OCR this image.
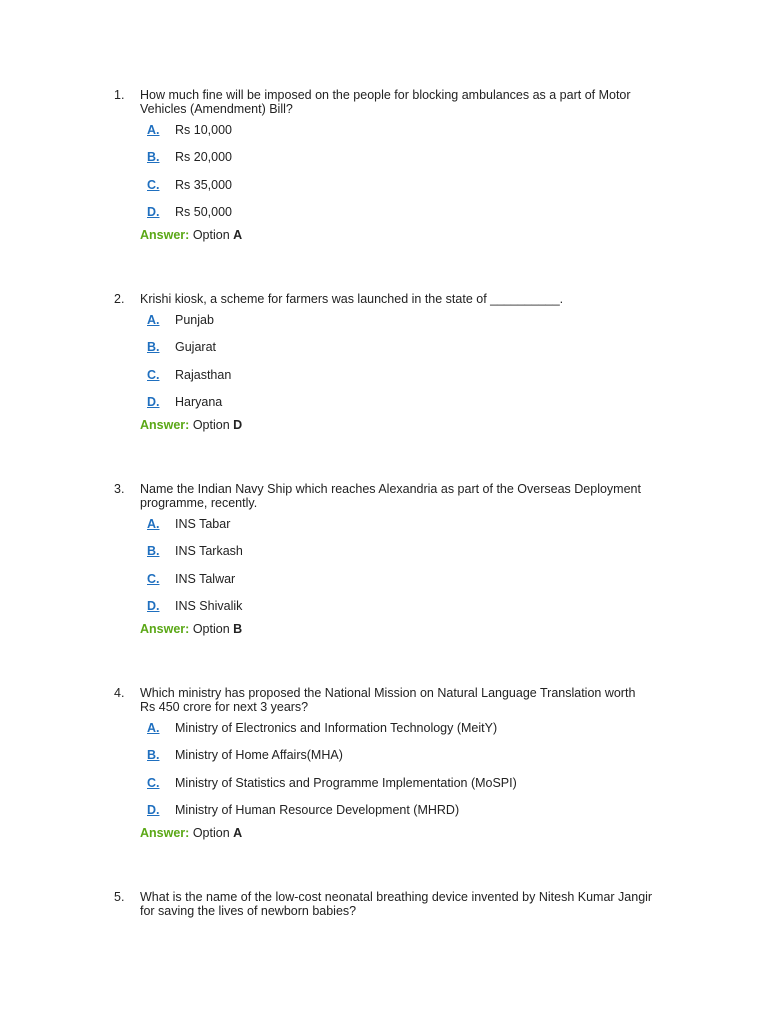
1.	How much fine will be imposed on the people for blocking ambulances as a part of Motor Vehicles (Amendment) Bill?
A.	Rs 10,000
B.	Rs 20,000
C.	Rs 35,000
D.	Rs 50,000
Answer: Option A
2.	Krishi kiosk, a scheme for farmers was launched in the state of __________.
A.	Punjab
B.	Gujarat
C.	Rajasthan
D.	Haryana
Answer: Option D
3.	Name the Indian Navy Ship which reaches Alexandria as part of the Overseas Deployment programme, recently.
A.	INS Tabar
B.	INS Tarkash
C.	INS Talwar
D.	INS Shivalik
Answer: Option B
4.	Which ministry has proposed the National Mission on Natural Language Translation worth Rs 450 crore for next 3 years?
A.	Ministry of Electronics and Information Technology (MeitY)
B.	Ministry of Home Affairs(MHA)
C.	Ministry of Statistics and Programme Implementation (MoSPI)
D.	Ministry of Human Resource Development (MHRD)
Answer: Option A
5.	What is the name of the low-cost neonatal breathing device invented by Nitesh Kumar Jangir for saving the lives of newborn babies?
